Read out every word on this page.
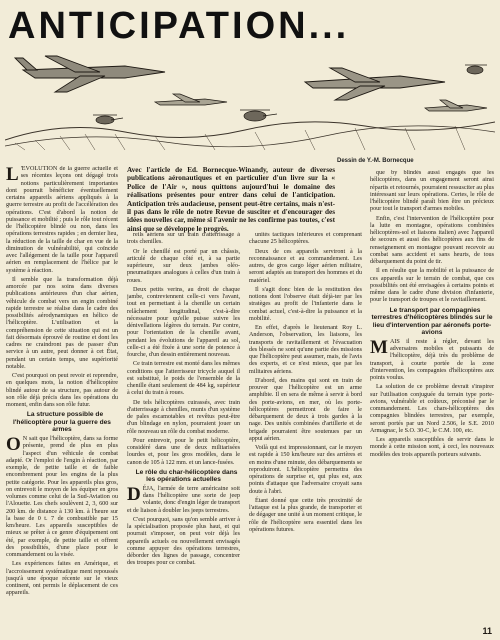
ANTICIPATION...
Dessin de Y.-M. Bornecque
Avec l'article de Ed. Bornecque-Winandy, auteur de diverses publications aéronautiques et en particulier d'un livre sur la « Police de l'Air », nous quittons aujourd'hui le domaine des réalisations présentes pour entrer dans celui de l'anticipation. Anticipation très audacieuse, pensent peut-être certains, mais n'est-il pas dans le rôle de notre Revue de susciter et d'encourager des idées nouvelles car, même si l'avenir ne les confirme pas toutes, c'est ainsi que se développe le progrès.

L 'ÉVOLUTION de la guerre actuelle et ses récentes leçons ont dégagé trois notions particulièrement importantes dont pourrait bénéficier éventuellement certains appareils aériens appliqués à la guerre terrestre au profit de l'accélération des opérations. C'est d'abord la notion de puissance et mobilité ; puis le rôle tout récent de l'hélicoptère blindé ou non, dans les opérations terrestres rapides ; en dernier lieu, la réduction de la taille de char en vue de la diminution de vulnérabilité, qui coïncide avec l'allégement de la taille pour l'appareil aérien en remplacement de l'hélice par le système à réaction.

Il semble que la transformation déjà amorcée par nos soins dans diverses publications antérieures d'un char aérien, véhicule de combat vers un engin combiné rapide terrestre se réalise dans le cadre des possibilités aérodynamiques en hélico de l'hélicoptère. L'utilisation et la compréhension de cette situation qui est un fait désormais éprouvé de routine et dont les cadres ne craindront pas de passer d'un service à un autre, peut donner à cet État, pendant un certain temps, une supériorité notable.

C'est pourquoi on peut revoir et reprendre, en quelques mots, la notion d'hélicoptère blindé autour de sa structure, pas autour de son rôle déjà précis dans les opérations du moment, enfin dans son rôle futur.

La structure possible de l'hélicoptère pour la guerre des armes

O N sait que l'hélicoptère, dans sa forme présente, prend de plus en plus l'aspect d'un véhicule de combat adapté. Or l'emploi de l'engin à réaction, par exemple, de petite taille et de faible encombrement pour les engins de la plus petite catégorie. Pour les appareils plus gros, on entrevoit le moyen de les équiper en gros volumes comme celui de la Sud-Aviation ou l'Alouette. Les chefs soulèvent 2, 3, 600 sur 200 km. de distance à 130 km. à l'heure sur la base de 0 t. 7 de combustible par 15 km/heure. Les appareils susceptibles de mieux se prêter à ce genre d'équipement ont été, par exemple, de petite taille et offrent des possibilités, d'une place pour le commandement ou la visée.

Les expériences faites en Amérique, et l'accroissement systématique ment repoussés jusqu'à une époque récente sur le vieux continent, ont permis le déplacement de ces appareils.

reils aériens sur un train d'atterrissage à trois chenilles.

Or le chenillé est porté par un châssis, articulé de chaque côté et, à sa partie supérieure, sur deux jambes oléo-pneumatiques analogues à celles d'un train à roues.

Deux petits verins, au droit de chaque jambe, contreviennent celle-ci vers l'avant, tout en permettant à la chenille un certain relâchement longitudinal, c'est-à-dire nécessaire pour qu'elle puisse suivre les dénivellations légères du terrain. Par contre, pour l'orientation de la chenille avant, pendant les évolutions de l'appareil au sol, celle-ci a été fixée à une sorte de potence à fourche, d'un dessin entièrement nouveau.

Ce train terrestre est monté dans les mêmes conditions que l'atterrisseur tricycle auquel il est substitué, le poids de l'ensemble de la chenille étant seulement de 484 kg, supérieur à celui du train à roues.

De tels hélicoptères cuirassés, avec train d'atterrissage à chenilles, munis d'un système de pales escamotables et revêtus peut-être d'un blindage en nylon, pourraient jouer un rôle nouveau un rôle du combat moderne.

Pour entrevoir, pour le petit hélicoptère, considéré dans une de deux militarisées lourdes et, pour les gros modèles, dans le canon de 105 à 122 mm. et un lance-fusées.

Le rôle du char-hélicoptère dans les opérations actuelles

DÉJA, l'armée de terre américaine soit dans l'hélicoptère une sorte de jeep volante, donc d'engin léger de transport et de liaison à doubler les jeeps terrestres.

C'est pourquoi, sans qu'on semble arriver à la spécialisation proposée plus haut, et qui pourrait s'imposer, on peut voir déjà les appareils actuels ou nouvellement envisagés comme appuyer des opérations terrestres, déborder des lignes de passage, concentrer des troupes pour ce combat.

unités tactiques inférieures et comprenant chacune 25 hélicoptères.

Deux de ces appareils serviront à la reconnaissance et au commandement. Les autres, de gros cargo léger aérien militaire, seront adaptés au transport des hommes et du matériel.

Il s'agit donc bien de la restitution des notions dont l'observe était déjà-ter par les stratèges au profit de l'infanterie dans le combat actuel, c'est-à-dire la puissance et la mobilité.

En effet, d'après le lieutenant Roy L. Anderson, l'observation, les liaisons, les transports de ravitaillement et l'évacuation des blessés ne sont qu'une partie des missions que l'hélicoptère peut assumer, mais, de l'avis des experts, et ce n'est mieux, que par les militaires aériens.

D'abord, des mains qui sont en train de prouver que l'hélicoptère est un arme amphibie. Il en sera de même à servir à bord des porte-avions, en mer, où les porte-hélicoptères permettront de faire le débarquement de deux à trois gardes à la nage. Des unités combinées d'artillerie et de brigade pourraient être soutenues par un appui aérien.

Voilà qui est impressionnant, car le moyen est rapide à 150 km/heure sur des arrières et en moins d'une minute, des débarquements se reproduiront. L'hélicoptère permettra des opérations de surprise et, qui plus est, aux points d'attaque que l'adversaire croyait sans doute à l'abri.

Étant donné que cette très proximité de l'attaque est la plus grande, de transporter et de dégager une unité à un moment critique, le rôle de l'hélicoptère sera essentiel dans les opérations futures.

que by blindés aussi engagés que les hélicoptères, dans un engagement seront ainsi répartis et retournés, pourraient ressusciter au plus intéressant sur leurs opérations. Certes, le rôle de l'hélicoptère blindé paraît bien être un précieux pour tout le transport d'armes mobiles.

Enfin, c'est l'intervention de l'hélicoptère pour la lutte en montagne, opérations combinées hélicoptères-sol et liaisons italien) avec l'appareil de secours et aussi des hélicoptères aux fins de renseignement en montagne pouvant recevoir au combat sans accident et sans heurts, de tous débarquement du point de tir.

Il en résulte que la mobilité et la puissance de ces appareils sur le terrain de combat, que ces possibilités ont été envisagées à certains points et même dans le cadre d'une division d'infanterie, pour le transport de troupes et le ravitaillement.

Le transport par compagnies terrestres d'hélicoptères blindés sur le lieu d'intervention par aéronefs porte-avions

MAIS il reste à régler, devant les adversaires mobiles et puissants de l'hélicoptère, déjà très du problème de transport, à courte portée de la zone d'intervention, les compagnies d'hélicoptères aux points voulus.

La solution de ce problème devrait s'inspirer sur l'utilisation conjuguée du terrain type porte-avions, vulnérable et coûteux, préconisé par le commandement. Les chars-hélicoptères des compagnies blindées terrestres, par exemple, seront portés par un Nord 2.506, le S.E. 2010 Armagnac, le S.O. 30-C, le C.M. 100, etc.

Les appareils susceptibles de servir dans le monde à cette mission sont, à ceci, les nouveaux modèles des trois appareils porteurs suivants.

11
